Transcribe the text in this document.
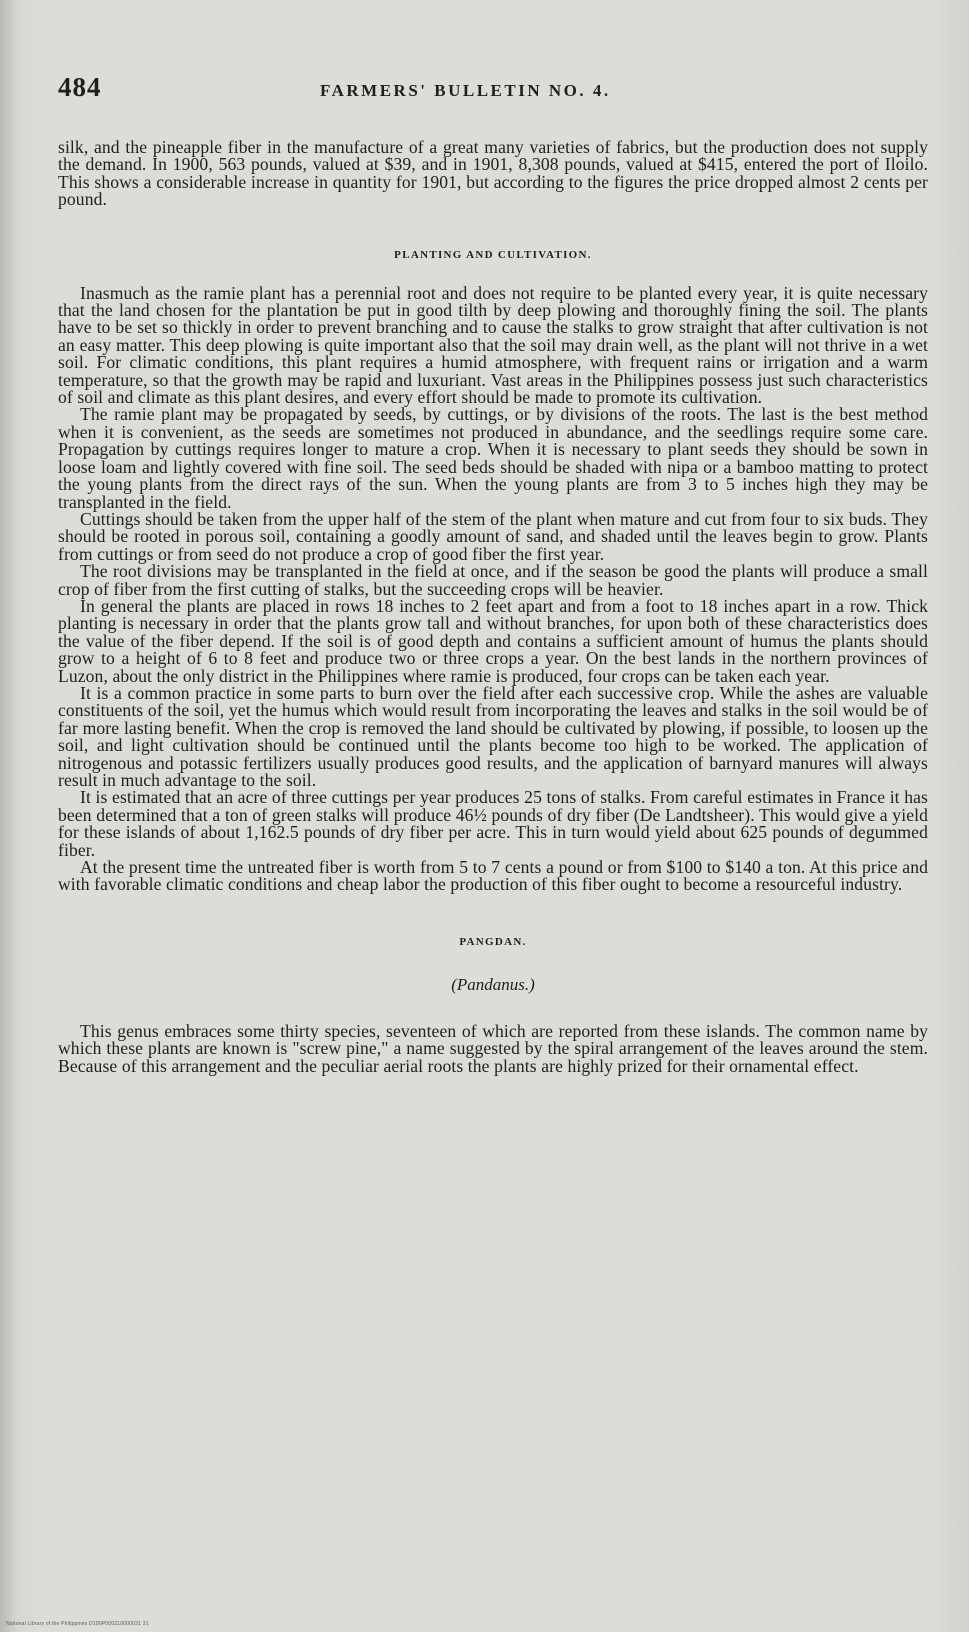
484	FARMERS' BULLETIN NO. 4.

silk, and the pineapple fiber in the manufacture of a great many varieties of fabrics, but the production does not supply the demand. In 1900, 563 pounds, valued at $39, and in 1901, 8,308 pounds, valued at $415, entered the port of Iloilo. This shows a considerable increase in quantity for 1901, but according to the figures the price dropped almost 2 cents per pound.

PLANTING AND CULTIVATION.

Inasmuch as the ramie plant has a perennial root and does not require to be planted every year, it is quite necessary that the land chosen for the plantation be put in good tilth by deep plowing and thoroughly fining the soil. The plants have to be set so thickly in order to prevent branching and to cause the stalks to grow straight that after cultivation is not an easy matter. This deep plowing is quite important also that the soil may drain well, as the plant will not thrive in a wet soil. For climatic conditions, this plant requires a humid atmosphere, with frequent rains or irrigation and a warm temperature, so that the growth may be rapid and luxuriant. Vast areas in the Philippines possess just such characteristics of soil and climate as this plant desires, and every effort should be made to promote its cultivation.

The ramie plant may be propagated by seeds, by cuttings, or by divisions of the roots. The last is the best method when it is convenient, as the seeds are sometimes not produced in abundance, and the seedlings require some care. Propagation by cuttings requires longer to mature a crop. When it is necessary to plant seeds they should be sown in loose loam and lightly covered with fine soil. The seed beds should be shaded with nipa or a bamboo matting to protect the young plants from the direct rays of the sun. When the young plants are from 3 to 5 inches high they may be transplanted in the field.

Cuttings should be taken from the upper half of the stem of the plant when mature and cut from four to six buds. They should be rooted in porous soil, containing a goodly amount of sand, and shaded until the leaves begin to grow. Plants from cuttings or from seed do not produce a crop of good fiber the first year.

The root divisions may be transplanted in the field at once, and if the season be good the plants will produce a small crop of fiber from the first cutting of stalks, but the succeeding crops will be heavier.

In general the plants are placed in rows 18 inches to 2 feet apart and from a foot to 18 inches apart in a row. Thick planting is necessary in order that the plants grow tall and without branches, for upon both of these characteristics does the value of the fiber depend. If the soil is of good depth and contains a sufficient amount of humus the plants should grow to a height of 6 to 8 feet and produce two or three crops a year. On the best lands in the northern provinces of Luzon, about the only district in the Philippines where ramie is produced, four crops can be taken each year.

It is a common practice in some parts to burn over the field after each successive crop. While the ashes are valuable constituents of the soil, yet the humus which would result from incorporating the leaves and stalks in the soil would be of far more lasting benefit. When the crop is removed the land should be cultivated by plowing, if possible, to loosen up the soil, and light cultivation should be continued until the plants become too high to be worked. The application of nitrogenous and potassic fertilizers usually produces good results, and the application of barnyard manures will always result in much advantage to the soil.

It is estimated that an acre of three cuttings per year produces 25 tons of stalks. From careful estimates in France it has been determined that a ton of green stalks will produce 46½ pounds of dry fiber (De Landtsheer). This would give a yield for these islands of about 1,162.5 pounds of dry fiber per acre. This in turn would yield about 625 pounds of degummed fiber.

At the present time the untreated fiber is worth from 5 to 7 cents a pound or from $100 to $140 a ton. At this price and with favorable climatic conditions and cheap labor the production of this fiber ought to become a resourceful industry.

PANGDAN.
(Pandanus.)

This genus embraces some thirty species, seventeen of which are reported from these islands. The common name by which these plants are known is "screw pine," a name suggested by the spiral arrangement of the leaves around the stem. Because of this arrangement and the peculiar aerial roots the plants are highly prized for their ornamental effect.

National Library of the Philippines D190P000210000031 31
